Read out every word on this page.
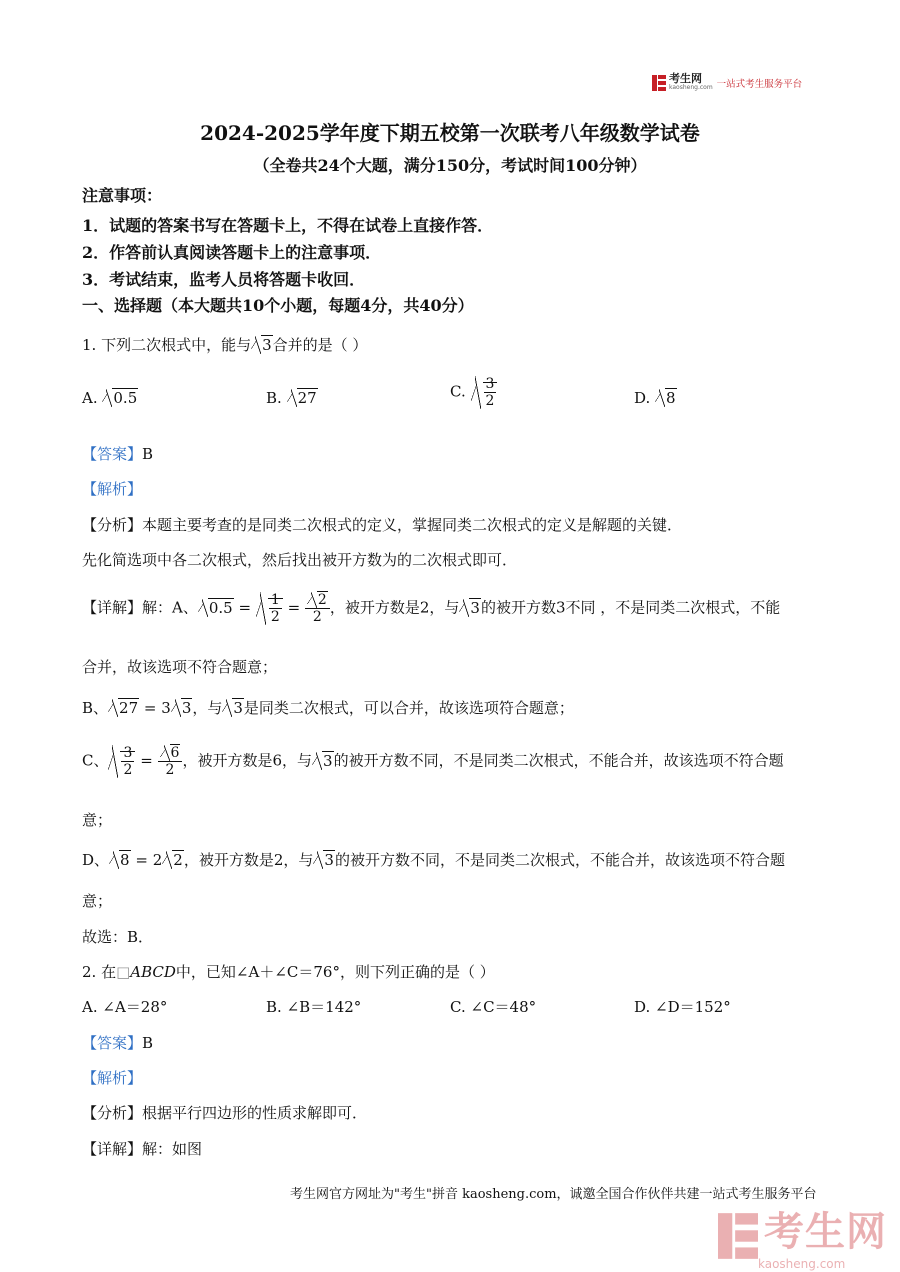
考生网
kaosheng.com 一站式考生服务平台
2024-2025学年度下期五校第一次联考八年级数学试卷
（全卷共24个大题，满分150分，考试时间100分钟）
注意事项：
1．试题的答案书写在答题卡上，不得在试卷上直接作答．
2．作答前认真阅读答题卡上的注意事项．
3．考试结束，监考人员将答题卡收回．
一、选择题（本大题共10个小题，每题4分，共40分）
1. 下列二次根式中，能与 3合并的是（ ）
A. 0.5	B. 27	C. $\frac{3}{2}$	D. 8
【答案】B
【解析】
【分析】本题主要考查的是同类二次根式的定义，掌握同类二次根式的定义是解题的关键．
先化简选项中各二次根式，然后找出被开方数为的二次根式即可．
【详解】解：A、 $0.5 = \frac{1}{2} = \frac{2}{2}$ ，被开方数是2，与 3的被开方数3不同 ，不是同类二次根式，不能
合并，故该选项不符合题意；
B、 27 = 3 3，与 3是同类二次根式，可以合并，故该选项符合题意；
C、 $\frac{3}{2} = \frac{6}{2}$ ，被开方数是6，与 3的被开方数不同，不是同类二次根式，不能合并，故该选项不符合题
意；
D、 8 = 2 2，被开方数是2，与 3的被开方数不同，不是同类二次根式，不能合并，故该选项不符合题
意；
故选：B．
2. 在□ABCD中，已知∠A＋∠C＝76°，则下列正确的是（ ）
A. ∠A＝28°	B. ∠B＝142°	C. ∠C＝48°	D. ∠D＝152°
【答案】B
【解析】
【分析】根据平行四边形的性质求解即可．
【详解】解：如图
考生网官方网址为"考生"拼音 kaosheng.com，诚邀全国合作伙伴共建一站式考生服务平台
考生网
kaosheng.com
